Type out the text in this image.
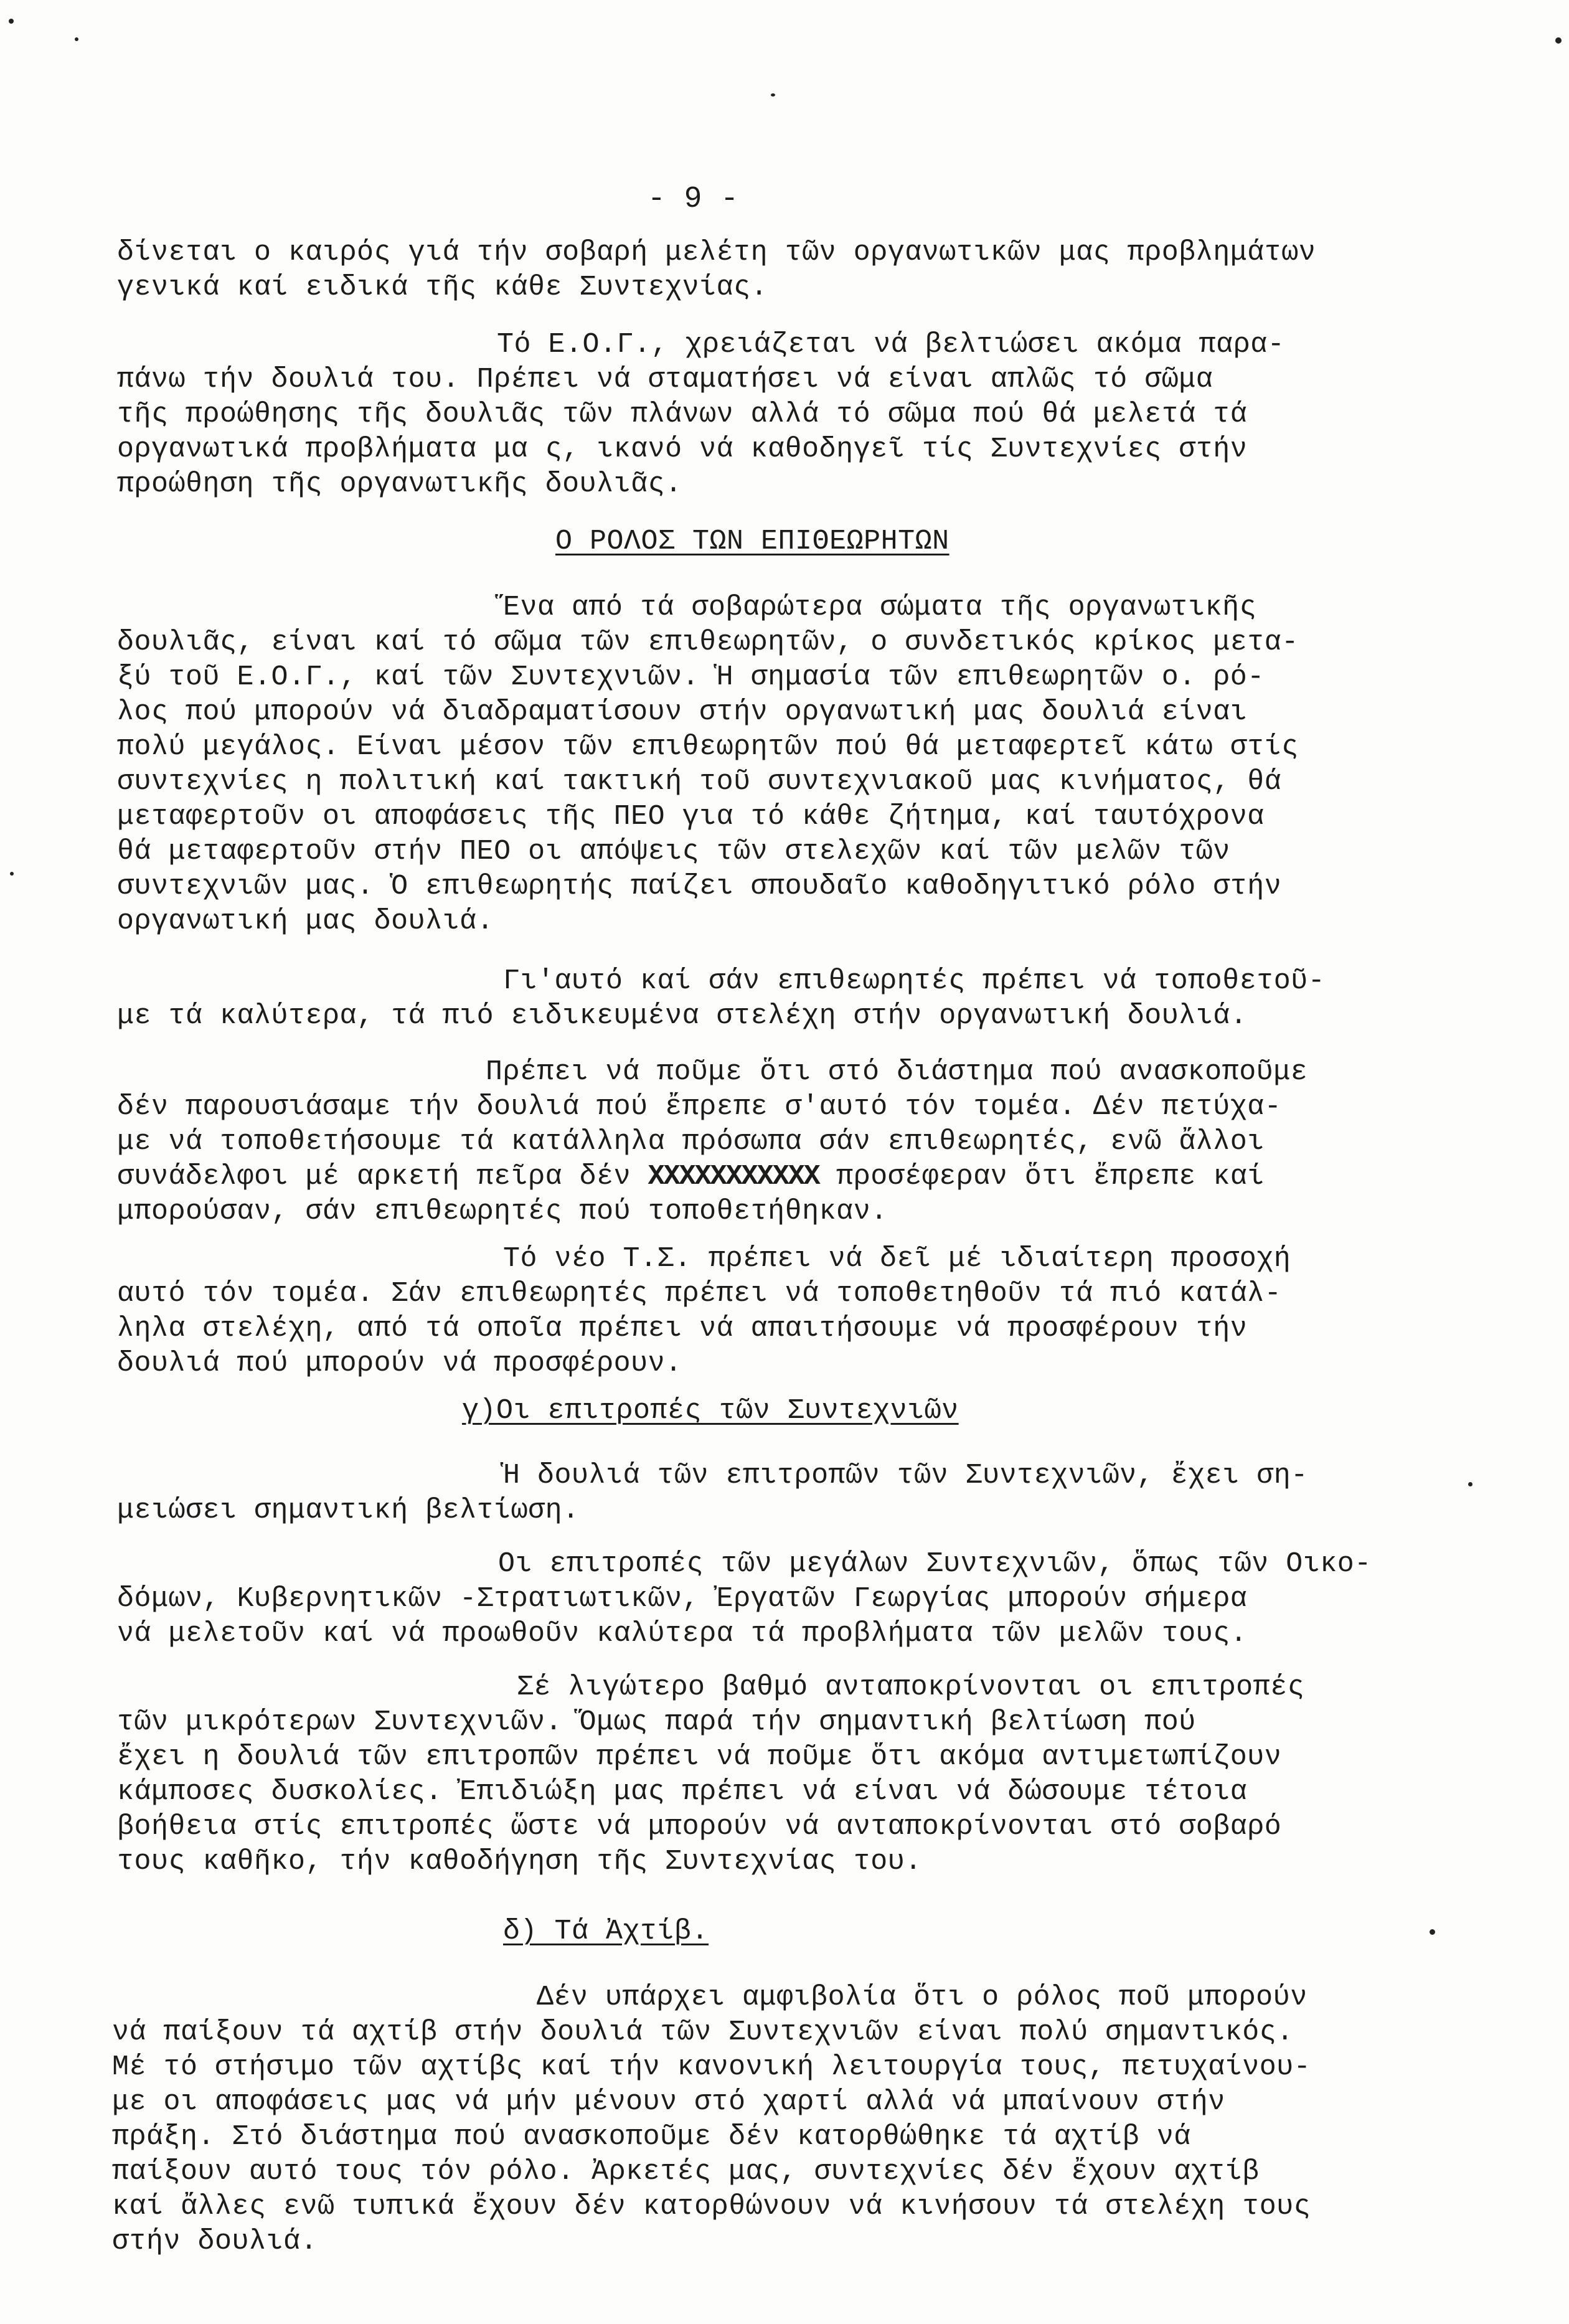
- 9 -

δίνεται ο καιρός γιά τήν σοβαρή μελέτη τῶν οργανωτικῶν μας προβλημάτων

γενικά καί ειδικά τῆς κάθε Συντεχνίας.

Τό Ε.Ο.Γ., χρειάζεται νά βελτιώσει ακόμα παρα-

πάνω τήν δουλιά του. Πρέπει νά σταματήσει νά είναι απλῶς τό σῶμα

τῆς προώθησης τῆς δουλιᾶς τῶν πλάνων αλλά τό σῶμα πού θά μελετά τά

οργανωτικά προβλήματα μα ς, ικανό νά καθοδηγεῖ τίς Συντεχνίες στήν

προώθηση τῆς οργανωτικῆς δουλιᾶς.

Ο ΡΟΛΟΣ ΤΩΝ ΕΠΙΘΕΩΡΗΤΩΝ

Ἕνα από τά σοβαρώτερα σώματα τῆς οργανωτικῆς

δουλιᾶς, είναι καί τό σῶμα τῶν επιθεωρητῶν, ο συνδετικός κρίκος μετα-

ξύ τοῦ Ε.Ο.Γ., καί τῶν Συντεχνιῶν. Ἡ σημασία τῶν επιθεωρητῶν ο. ρό-

λος πού μπορούν νά διαδραματίσουν στήν οργανωτική μας δουλιά είναι

πολύ μεγάλος. Είναι μέσον τῶν επιθεωρητῶν πού θά μεταφερτεῖ κάτω στίς

συντεχνίες η πολιτική καί τακτική τοῦ συντεχνιακοῦ μας κινήματος, θά

μεταφερτοῦν οι αποφάσεις τῆς ΠΕΟ για τό κάθε ζήτημα, καί ταυτόχρονα

θά μεταφερτοῦν στήν ΠΕΟ οι απόψεις τῶν στελεχῶν καί τῶν μελῶν τῶν

συντεχνιῶν μας. Ὁ επιθεωρητής παίζει σπουδαῖο καθοδηγιτικό ρόλο στήν

οργανωτική μας δουλιά.

Γι'αυτό καί σάν επιθεωρητές πρέπει νά τοποθετοῦ-

με τά καλύτερα, τά πιό ειδικευμένα στελέχη στήν οργανωτική δουλιά.

Πρέπει νά ποῦμε ὅτι στό διάστημα πού ανασκοποῦμε

δέν παρουσιάσαμε τήν δουλιά πού ἔπρεπε σ'αυτό τόν τομέα. Δέν πετύχα-

με νά τοποθετήσουμε τά κατάλληλα πρόσωπα σάν επιθεωρητές, ενῶ ἄλλοι

συνάδελφοι μέ αρκετή πεῖρα δέν XXXXXXXXXXX προσέφεραν ὅτι ἔπρεπε καί

μπορούσαν, σάν επιθεωρητές πού τοποθετήθηκαν.

Τό νέο Τ.Σ. πρέπει νά δεῖ μέ ιδιαίτερη προσοχή

αυτό τόν τομέα. Σάν επιθεωρητές πρέπει νά τοποθετηθοῦν τά πιό κατάλ-

ληλα στελέχη, από τά οποῖα πρέπει νά απαιτήσουμε νά προσφέρουν τήν

δουλιά πού μπορούν νά προσφέρουν.

γ)Οι επιτροπές τῶν Συντεχνιῶν

Ἡ δουλιά τῶν επιτροπῶν τῶν Συντεχνιῶν, ἔχει ση-

μειώσει σημαντική βελτίωση.

Οι επιτροπές τῶν μεγάλων Συντεχνιῶν, ὅπως τῶν Οικο-

δόμων, Κυβερνητικῶν -Στρατιωτικῶν, Ἐργατῶν Γεωργίας μπορούν σήμερα

νά μελετοῦν καί νά προωθοῦν καλύτερα τά προβλήματα τῶν μελῶν τους.

Σέ λιγώτερο βαθμό ανταποκρίνονται οι επιτροπές

τῶν μικρότερων Συντεχνιῶν. Ὅμως παρά τήν σημαντική βελτίωση πού

ἔχει η δουλιά τῶν επιτροπῶν πρέπει νά ποῦμε ὅτι ακόμα αντιμετωπίζουν

κάμποσες δυσκολίες. Ἐπιδιώξη μας πρέπει νά είναι νά δώσουμε τέτοια

βοήθεια στίς επιτροπές ὥστε νά μπορούν νά ανταποκρίνονται στό σοβαρό

τους καθῆκο, τήν καθοδήγηση τῆς Συντεχνίας του.

δ) Τά Ἀχτίβ.

Δέν υπάρχει αμφιβολία ὅτι ο ρόλος ποῦ μπορούν

νά παίξουν τά αχτίβ στήν δουλιά τῶν Συντεχνιῶν είναι πολύ σημαντικός.

Μέ τό στήσιμο τῶν αχτίβς καί τήν κανονική λειτουργία τους, πετυχαίνου-

με οι αποφάσεις μας νά μήν μένουν στό χαρτί αλλά νά μπαίνουν στήν

πράξη. Στό διάστημα πού ανασκοποῦμε δέν κατορθώθηκε τά αχτίβ νά

παίξουν αυτό τους τόν ρόλο. Ἀρκετές μας, συντεχνίες δέν ἔχουν αχτίβ

καί ἄλλες ενῶ τυπικά ἔχουν δέν κατορθώνουν νά κινήσουν τά στελέχη τους

στήν δουλιά.
